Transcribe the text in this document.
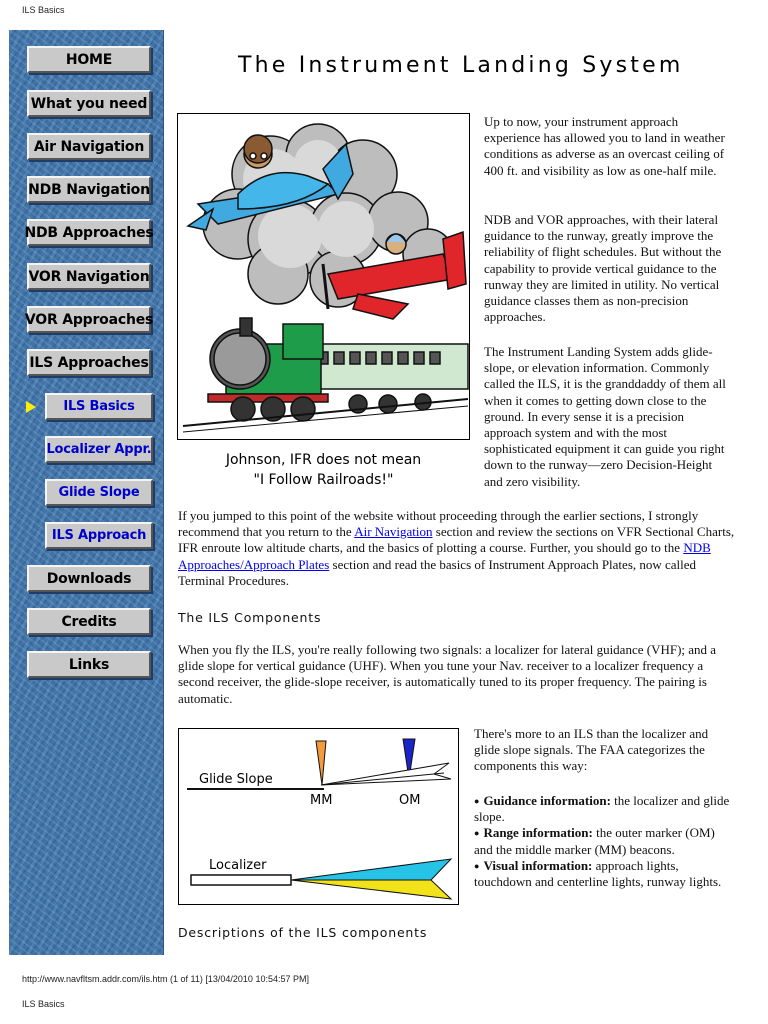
ILS Basics
HOME
What you need
Air Navigation
NDB Navigation
NDB Approaches
VOR Navigation
VOR Approaches
ILS Approaches
ILS Basics
Localizer Appr.
Glide Slope
ILS Approach
Downloads
Credits
Links
The Instrument Landing System
Johnson, IFR does not mean
"I Follow Railroads!"

Up to now, your instrument approach experience has allowed you to land in weather conditions as adverse as an overcast ceiling of 400 ft. and visibility as low as one-half mile.

NDB and VOR approaches, with their lateral guidance to the runway, greatly improve the reliability of flight schedules. But without the capability to provide vertical guidance to the runway they are limited in utility. No vertical guidance classes them as non-precision approaches.

The Instrument Landing System adds glide-slope, or elevation information. Commonly called the ILS, it is the granddaddy of them all when it comes to getting down close to the ground. In every sense it is a precision approach system and with the most sophisticated equipment it can guide you right down to the runway—zero Decision-Height and zero visibility.

If you jumped to this point of the website without proceeding through the earlier sections, I strongly recommend that you return to the Air Navigation section and review the sections on VFR Sectional Charts, IFR enroute low altitude charts, and the basics of plotting a course. Further, you should go to the NDB Approaches/Approach Plates section and read the basics of Instrument Approach Plates, now called Terminal Procedures.

The ILS Components

When you fly the ILS, you're really following two signals: a localizer for lateral guidance (VHF); and a glide slope for vertical guidance (UHF). When you tune your Nav. receiver to a localizer frequency a second receiver, the glide-slope receiver, is automatically tuned to its proper frequency. The pairing is automatic.

Glide Slope
MM	OM
Localizer

There's more to an ILS than the localizer and glide slope signals. The FAA categorizes the components this way:

● Guidance information: the localizer and glide slope.
● Range information: the outer marker (OM) and the middle marker (MM) beacons.
● Visual information: approach lights, touchdown and centerline lights, runway lights.
Descriptions of the ILS components
http://www.navfltsm.addr.com/ils.htm (1 of 11) [13/04/2010 10:54:57 PM]
ILS Basics
